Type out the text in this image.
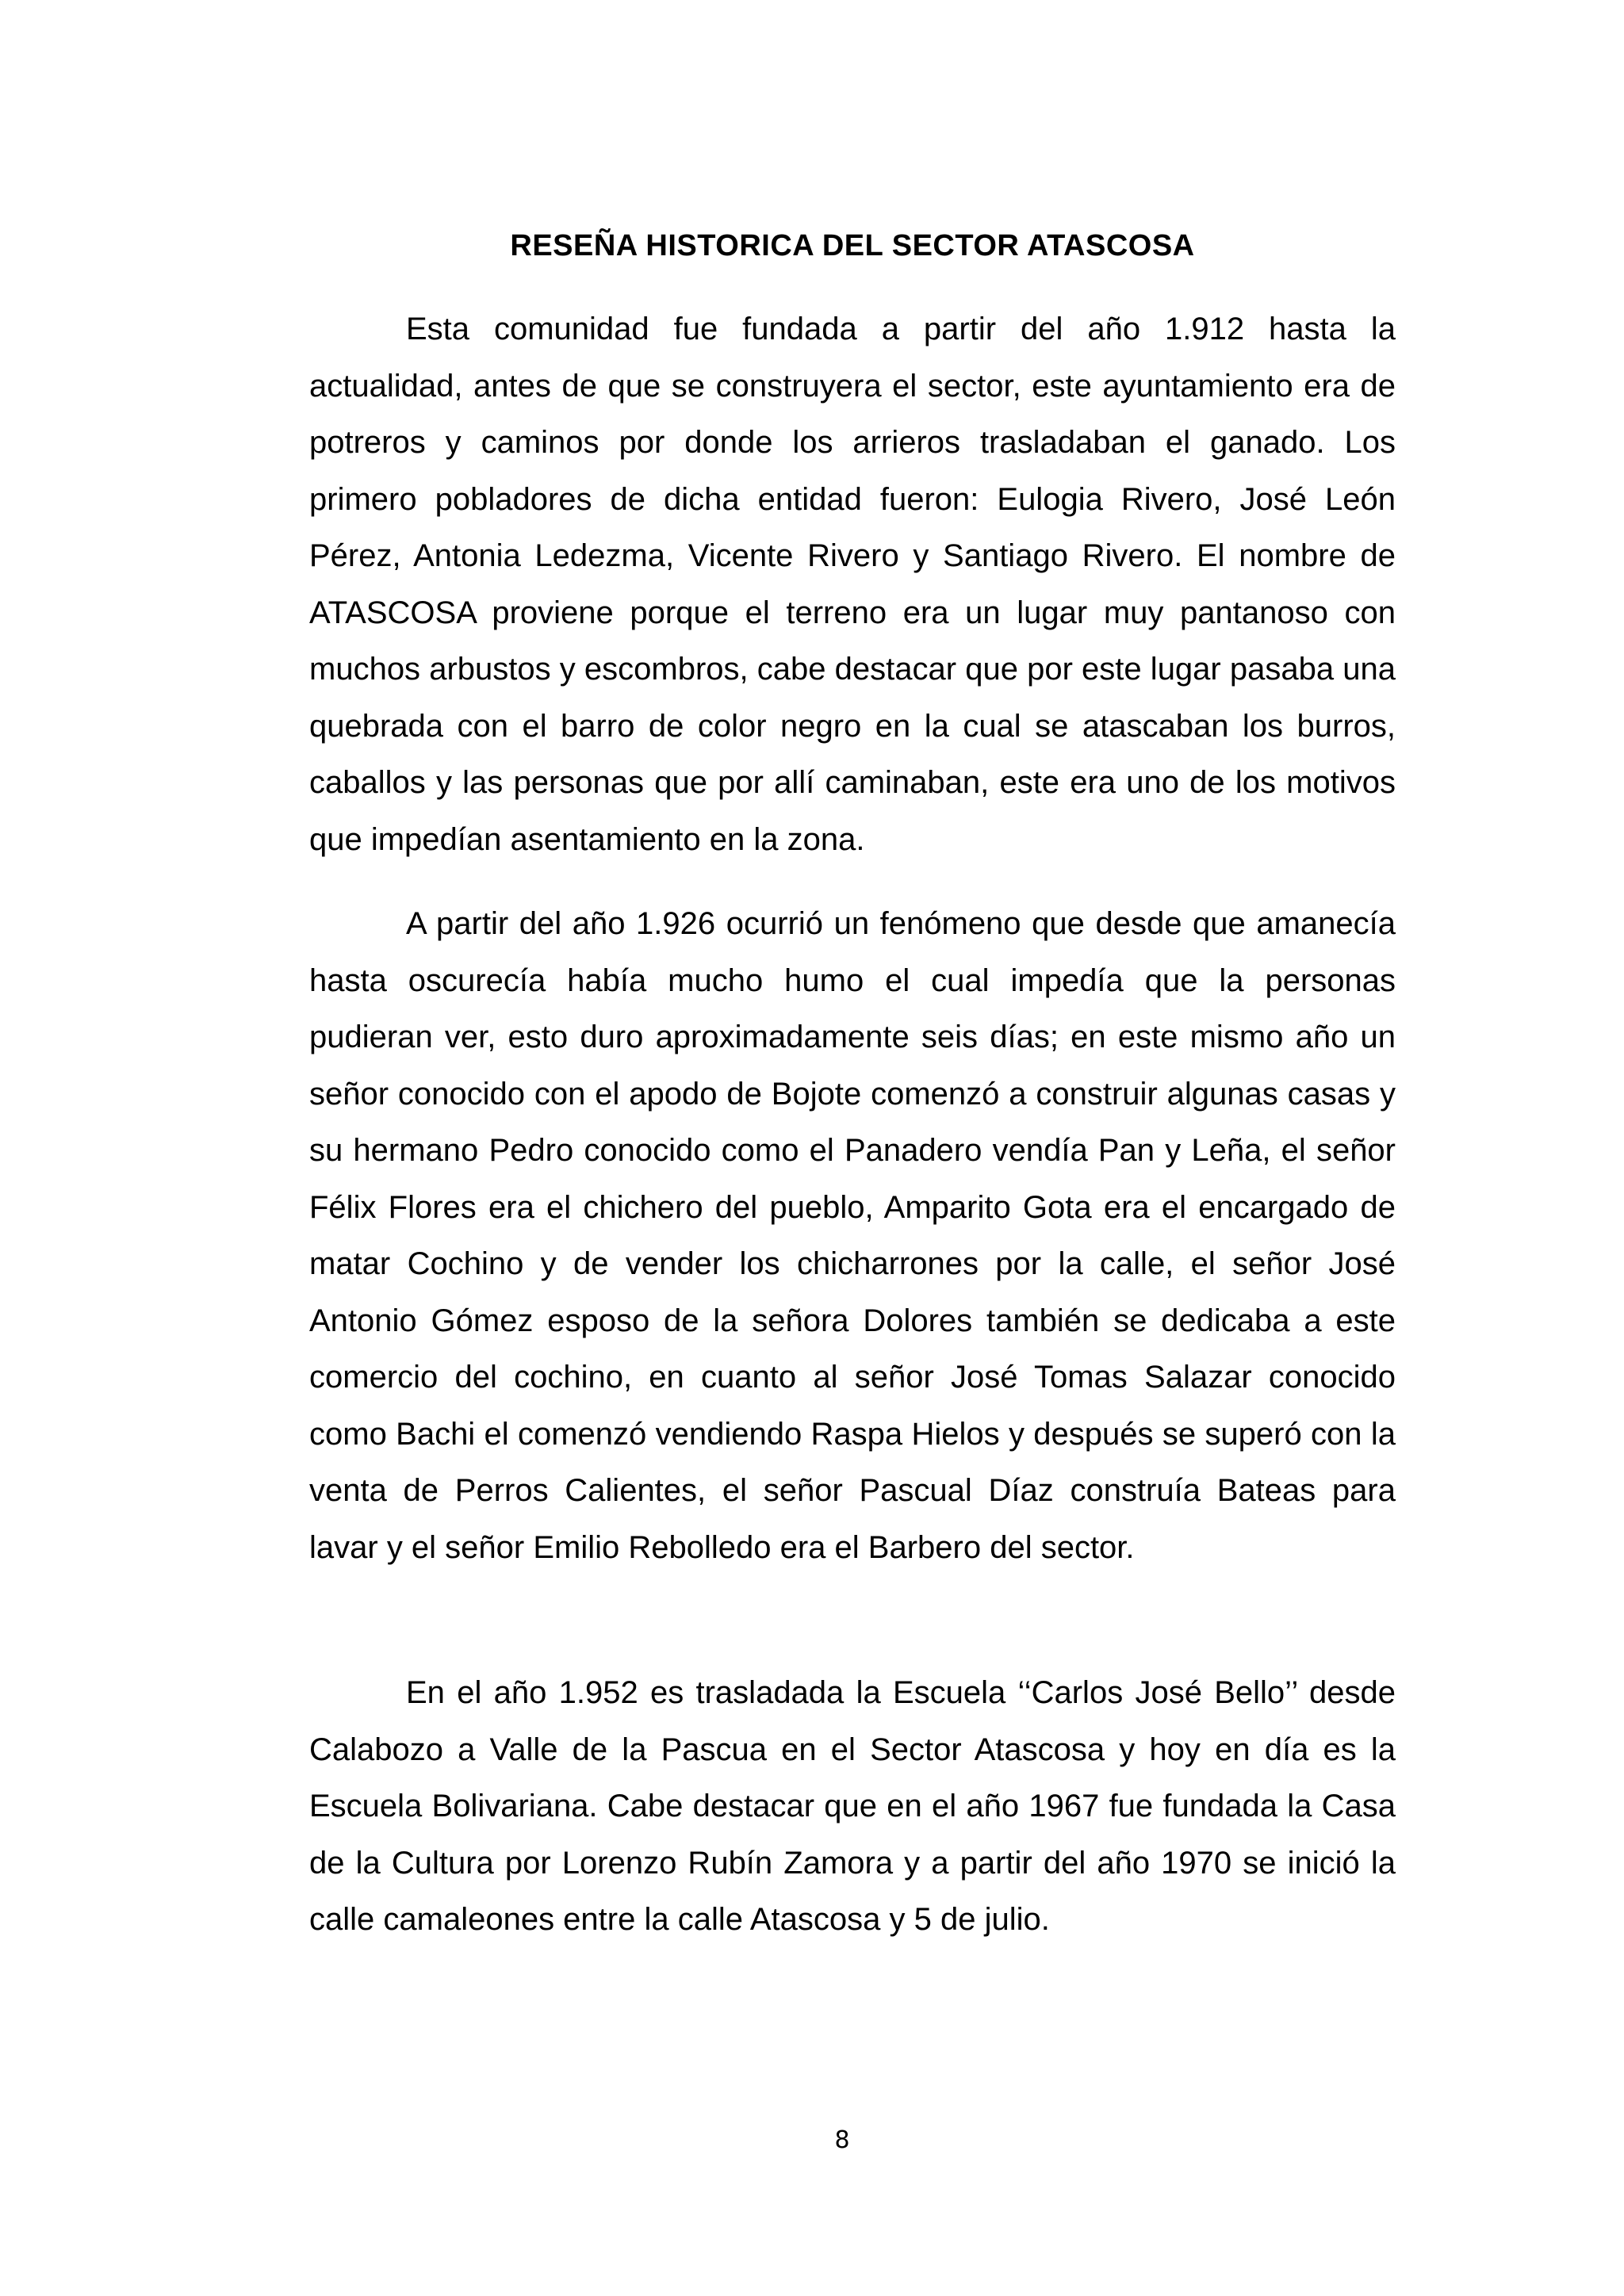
RESEÑA HISTORICA DEL SECTOR ATASCOSA

Esta comunidad fue fundada a partir del año 1.912 hasta la actualidad, antes de que se construyera el sector, este ayuntamiento era de potreros y caminos por donde los arrieros trasladaban el ganado. Los primero pobladores de dicha entidad fueron: Eulogia Rivero, José León Pérez, Antonia Ledezma, Vicente Rivero y Santiago Rivero. El nombre de ATASCOSA proviene porque el terreno era un lugar muy pantanoso con muchos arbustos y escombros, cabe destacar que por este lugar pasaba una quebrada con el barro de color negro en la cual se atascaban los burros, caballos y las personas que por allí caminaban, este era uno de los motivos que impedían asentamiento en la zona.

A partir del año 1.926 ocurrió un fenómeno que desde que amanecía hasta oscurecía había mucho humo el cual impedía que la personas pudieran ver, esto duro aproximadamente seis días; en este mismo año un señor conocido con el apodo de Bojote comenzó a construir algunas casas y su hermano Pedro conocido como el Panadero vendía Pan y Leña, el señor Félix Flores era el chichero del pueblo, Amparito Gota era el encargado de matar Cochino y de vender los chicharrones por la calle, el señor José Antonio Gómez esposo de la señora Dolores también se dedicaba a este comercio del cochino, en cuanto al señor José Tomas Salazar conocido como Bachi el comenzó vendiendo Raspa Hielos y después se superó con la venta de Perros Calientes, el señor Pascual Díaz construía Bateas para lavar y el señor Emilio Rebolledo era el Barbero del sector.

En el año 1.952 es trasladada la Escuela ‘‘Carlos José Bello’’ desde Calabozo a Valle de la Pascua en el Sector Atascosa y hoy en día es la Escuela Bolivariana. Cabe destacar que en el año 1967 fue fundada la Casa de la Cultura por Lorenzo Rubín Zamora y a partir del año 1970 se inició la calle camaleones entre la calle Atascosa y 5 de julio.

8
